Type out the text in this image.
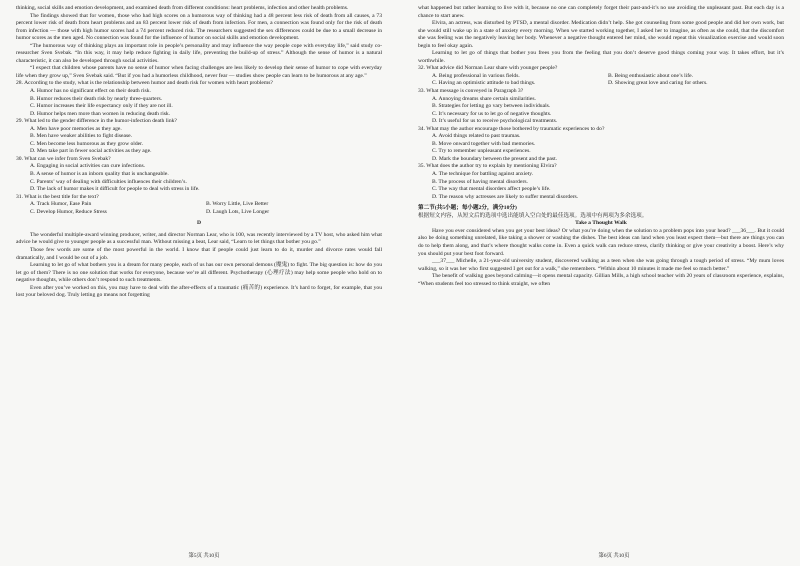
thinking, social skills and emotion development, and examined death from different conditions: heart problems, infection and other health problems.

The findings showed that for women, those who had high scores on a humorous way of thinking had a 48 percent less risk of death from all causes, a 73 percent lower risk of death from heart problems and an 83 percent lower risk of death from infection. For men, a connection was found only for the risk of death from infection — those with high humor scores had a 74 percent reduced risk. The researchers suggested the sex differences could be due to a small decrease in humor scores as the men aged. No connection was found for the influence of humor on social skills and emotion development.

“The humorous way of thinking plays an important role in people’s personality and may influence the way people cope with everyday life,” said study co-researcher Sven Svebak. “In this way, it may help reduce fighting in daily life, preventing the build-up of stress.” Although the sense of humor is a natural characteristic, it can also be developed through social activities.

“I expect that children whose parents have no sense of humor when facing challenges are less likely to develop their sense of humor to cope with everyday life when they grow up,” Sven Svebak said. “But if you had a humorless childhood, never fear — studies show people can learn to be humorous at any age.”

28. According to the study, what is the relationship between humor and death risk for women with heart problems?

A. Humor has no significant effect on their death risk.
B. Humor reduces their death risk by nearly three-quarters.
C. Humor increases their life expectancy only if they are not ill.
D. Humor helps men more than women in reducing death risk.

29. What led to the gender difference in the humor-infection death link?

A. Men have poor memories as they age.
B. Men have weaker abilities to fight disease.
C. Men become less humorous as they grow older.
D. Men take part in fewer social activities as they age.

30. What can we infer from Sven Svebak?

A. Engaging in social activities can cure infections.
B. A sense of humor is an inborn quality that is unchangeable.
C. Parents’ way of dealing with difficulties influences their children’s.
D. The lack of humor makes it difficult for people to deal with stress in life.

31. What is the best title for the text?

A. Track Humor, Ease Pain	B. Worry Little, Live Better
C. Develop Humor, Reduce Stress	D. Laugh Lots, Live Longer

D

The wonderful multiple-award winning producer, writer, and director Norman Lear, who is 100, was recently interviewed by a TV host, who asked him what advice he would give to younger people as a successful man. Without missing a beat, Lear said, “Learn to let things that bother you go.”

Those few words are some of the most powerful in the world. I know that if people could just learn to do it, murder and divorce rates would fall dramatically, and I would be out of a job.

Learning to let go of what bothers you is a dream for many people, each of us has our own personal demons (魔鬼) to fight. The big question is: how do you let go of them? There is no one solution that works for everyone, because we’re all different. Psychotherapy (心理疗法) may help some people who hold on to negative thoughts, while others don’t respond to such treatments.

Even after you’ve worked on this, you may have to deal with the after-effects of a traumatic (痛苦的) experience. It’s hard to forget, for example, that you lost your beloved dog. Truly letting go means not forgetting

what happened but rather learning to live with it, because no one can completely forget their past-and-it’s no use avoiding the unpleasant past. But each day is a chance to start anew.

Elvira, an actress, was disturbed by PTSD, a mental disorder. Medication didn’t help. She got counseling from some good people and did her own work, but she would still wake up in a state of anxiety every morning. When we started working together, I asked her to imagine, as often as she could, that the discomfort she was feeling was the negatively leaving her body. Whenever a negative thought entered her mind, she would repeat this visualization exercise and would soon begin to feel okay again.

Learning to let go of things that bother you frees you from the feeling that you don’t deserve good things coming your way. It takes effort, but it’s worthwhile.

32. What advice did Norman Lear share with younger people?

A. Being professional in various fields.	B. Being enthusiastic about one’s life.
C. Having an optimistic attitude to bad things.	D. Showing great love and caring for others.

33. What message is conveyed in Paragraph 3?

A. Annoying dreams share certain similarities.
B. Strategies for letting go vary between individuals.
C. It’s necessary for us to let go of negative thoughts.
D. It’s useful for us to receive psychological treatments.

34. What may the author encourage those bothered by traumatic experiences to do?

A. Avoid things related to past traumas.
B. Move onward together with bad memories.
C. Try to remember unpleasant experiences.
D. Mark the boundary between the present and the past.

35. What does the author try to explain by mentioning Elvira?

A. The technique for battling against anxiety.
B. The process of having mental disorders.
C. The way that mental disorders affect people’s life.
D. The reason why actresses are likely to suffer mental disorders.

第二节(共5小题；每小题2分，满分10分)

根据短文内容，从短文后的选项中选出能填入空白处的最佳选项。选项中有两项为多余选项。

Take a Thought Walk

Have you ever considered when you get your best ideas? Or what you’re doing when the solution to a problem pops into your head? ___36___. But it could also be doing something unrelated, like taking a shower or washing the dishes. The best ideas can land when you least expect them—but there are things you can do to help them along, and that’s where thought walks come in. Even a quick walk can reduce stress, clarify thinking or give your creativity a boost. Here’s why you should put your best foot forward.

___37___ Michelle, a 21-year-old university student, discovered walking as a teen when she was going through a tough period of stress. “My mum loves walking, so it was her who first suggested I get out for a walk,” she remembers. “Within about 10 minutes it made me feel so much better.”

The benefit of walking goes beyond calming—it opens mental capacity. Gillian Mills, a high school teacher with 20 years of classroom experience, explains, “When students feel too stressed to think straight, we often

第5页 共10页	第6页 共10页
